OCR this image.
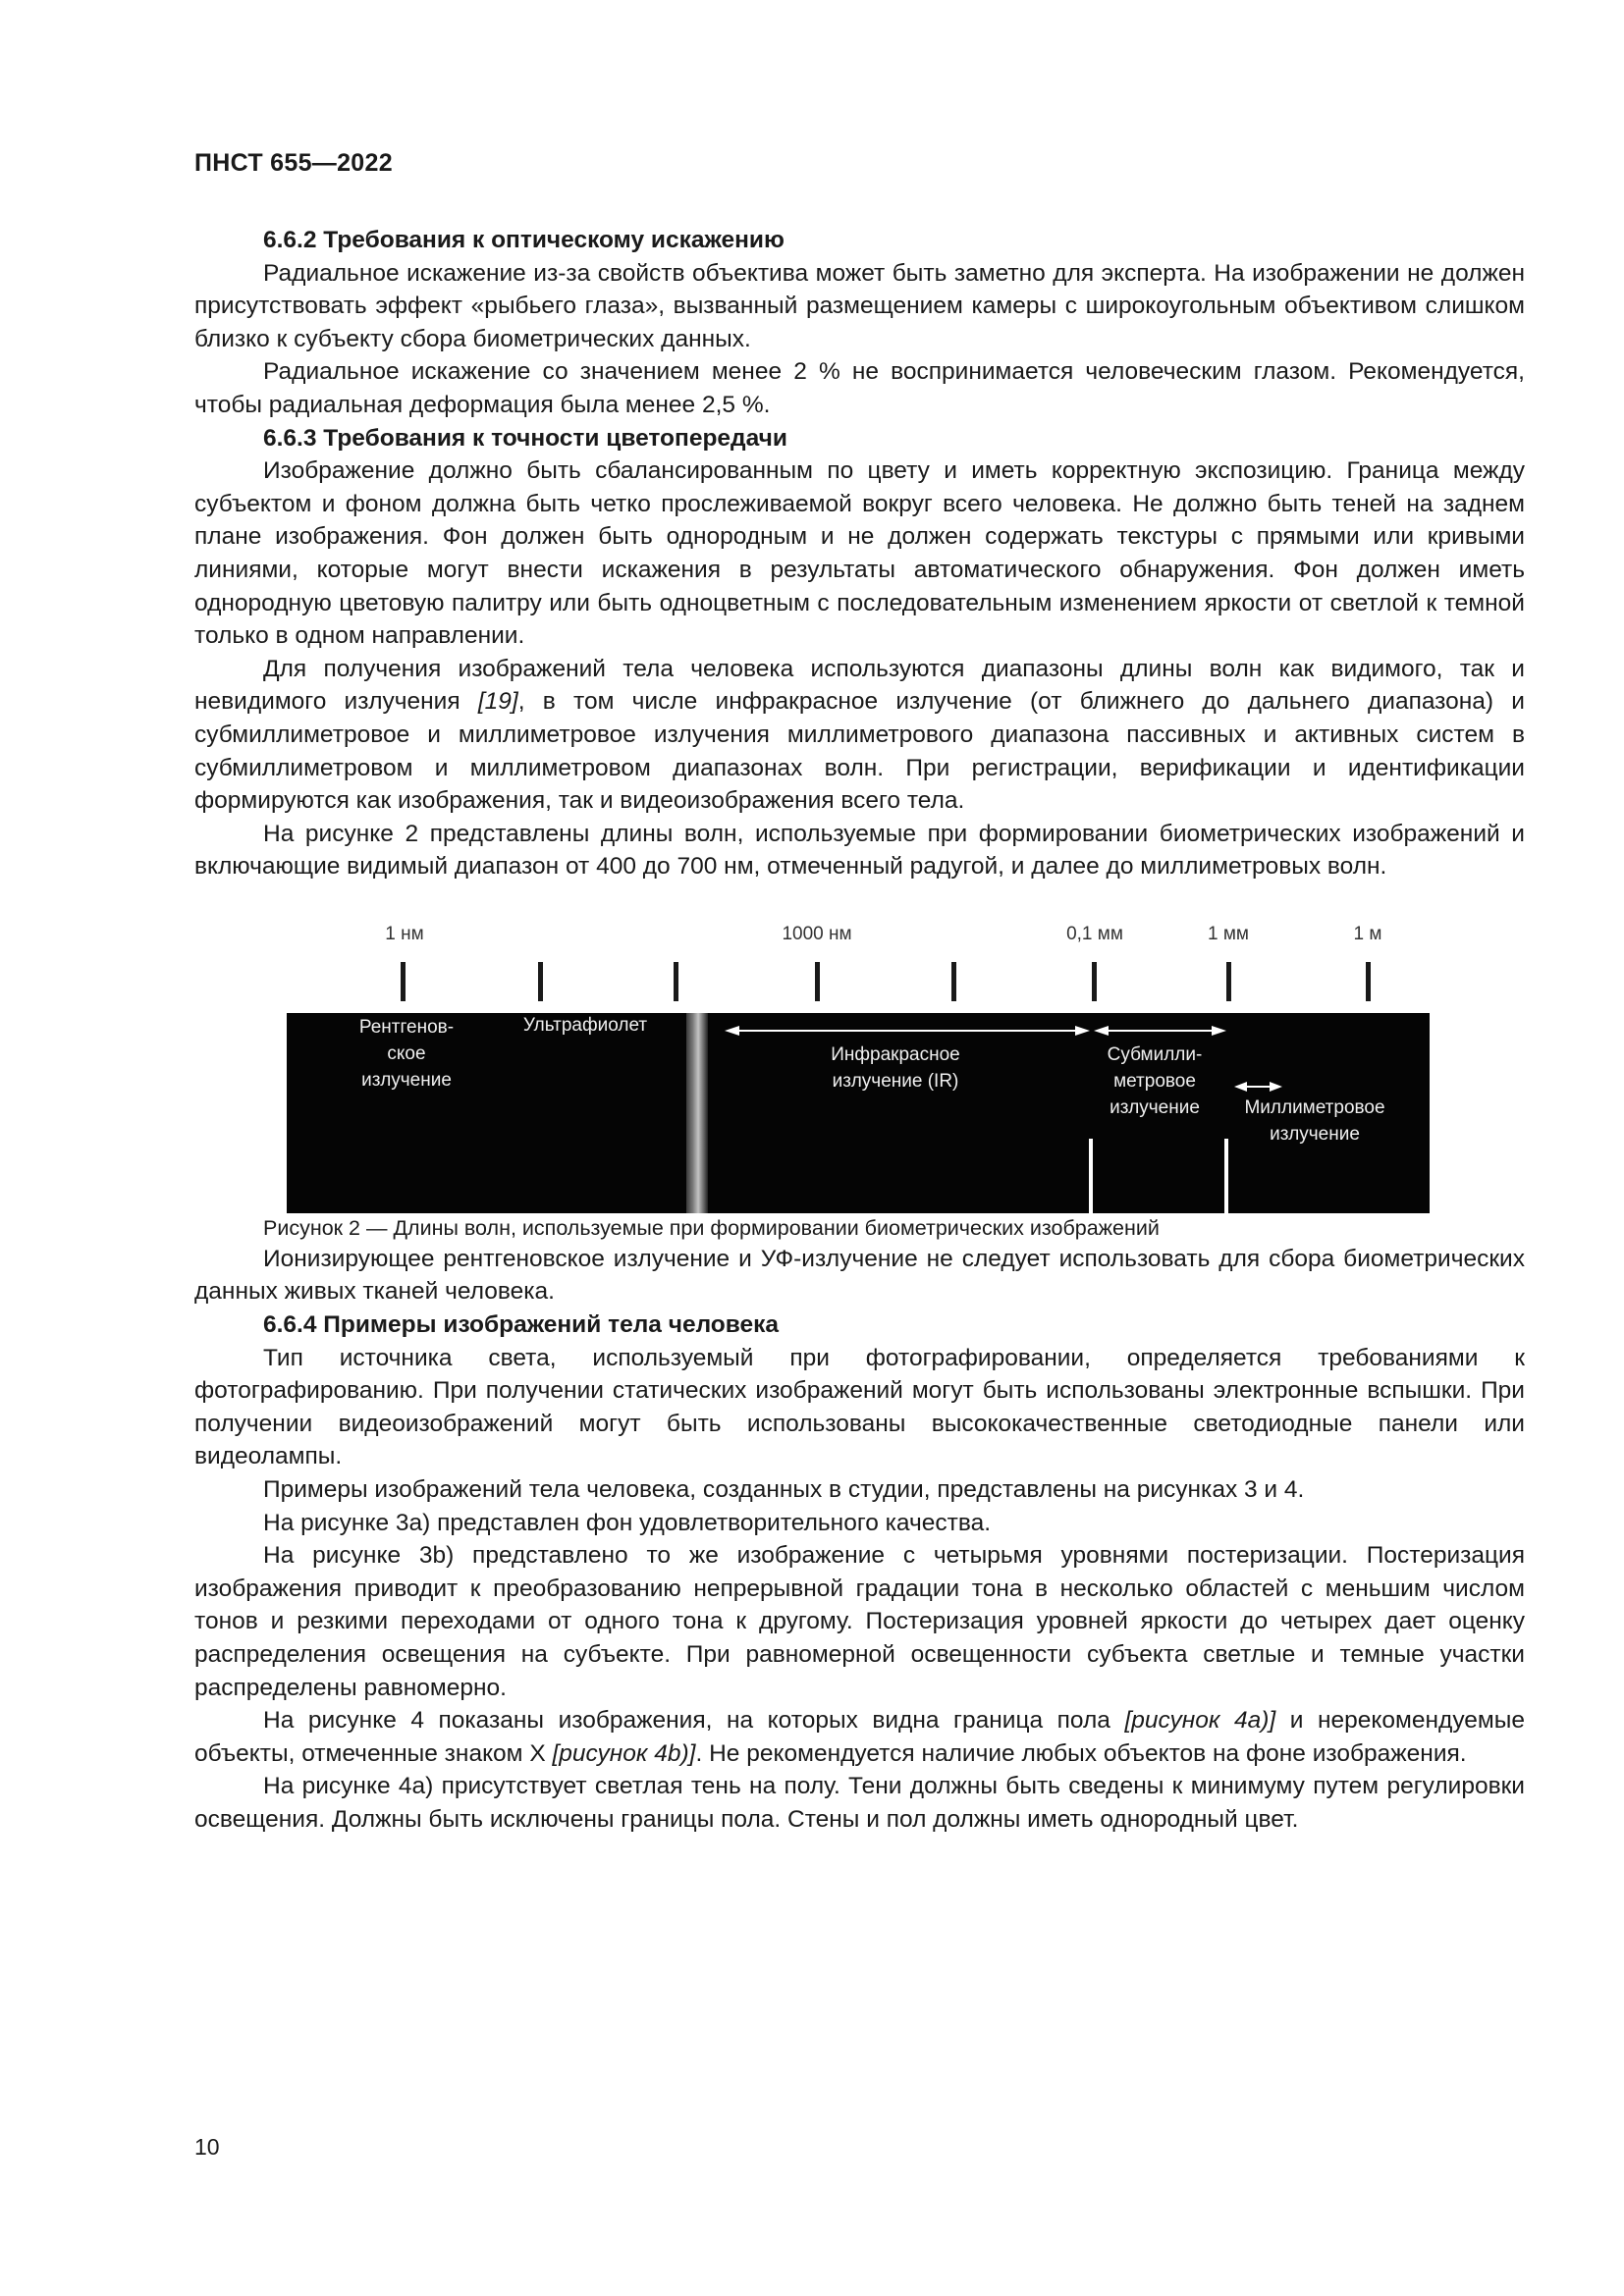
ПНСТ 655—2022
6.6.2 Требования к оптическому искажению

Радиальное искажение из-за свойств объектива может быть заметно для эксперта. На изображении не должен присутствовать эффект «рыбьего глаза», вызванный размещением камеры с широкоугольным объективом слишком близко к субъекту сбора биометрических данных.

Радиальное искажение со значением менее 2 % не воспринимается человеческим глазом. Рекомендуется, чтобы радиальная деформация была менее 2,5 %.

6.6.3 Требования к точности цветопередачи

Изображение должно быть сбалансированным по цвету и иметь корректную экспозицию. Граница между субъектом и фоном должна быть четко прослеживаемой вокруг всего человека. Не должно быть теней на заднем плане изображения. Фон должен быть однородным и не должен содержать текстуры с прямыми или кривыми линиями, которые могут внести искажения в результаты автоматического обнаружения. Фон должен иметь однородную цветовую палитру или быть одноцветным с последовательным изменением яркости от светлой к темной только в одном направлении.

Для получения изображений тела человека используются диапазоны длины волн как видимого, так и невидимого излучения [19], в том числе инфракрасное излучение (от ближнего до дальнего диапазона) и субмиллиметровое и миллиметровое излучения миллиметрового диапазона пассивных и активных систем в субмиллиметровом и миллиметровом диапазонах волн. При регистрации, верификации и идентификации формируются как изображения, так и видеоизображения всего тела.

На рисунке 2 представлены длины волн, используемые при формировании биометрических изображений и включающие видимый диапазон от 400 до 700 нм, отмеченный радугой, и далее до миллиметровых волн.

1 нм	1000 нм	0,1 мм	1 мм	1 м
Рентгенов-
ское
излучение
Ультрафиолет
Инфракрасное
излучение (IR)
Субмилли-
метровое
излучение Миллиметровое
излучение

Рисунок 2 — Длины волн, используемые при формировании биометрических изображений

Ионизирующее рентгеновское излучение и УФ-излучение не следует использовать для сбора биометрических данных живых тканей человека.

6.6.4 Примеры изображений тела человека

Тип источника света, используемый при фотографировании, определяется требованиями к фотографированию. При получении статических изображений могут быть использованы электронные вспышки. При получении видеоизображений могут быть использованы высококачественные светодиодные панели или видеолампы.

Примеры изображений тела человека, созданных в студии, представлены на рисунках 3 и 4.

На рисунке 3а) представлен фон удовлетворительного качества.

На рисунке 3b) представлено то же изображение с четырьмя уровнями постеризации. Постеризация изображения приводит к преобразованию непрерывной градации тона в несколько областей с меньшим числом тонов и резкими переходами от одного тона к другому. Постеризация уровней яркости до четырех дает оценку распределения освещения на субъекте. При равномерной освещенности субъекта светлые и темные участки распределены равномерно.

На рисунке 4 показаны изображения, на которых видна граница пола [рисунок 4а)] и нерекомендуемые объекты, отмеченные знаком X [рисунок 4b)]. Не рекомендуется наличие любых объектов на фоне изображения.

На рисунке 4а) присутствует светлая тень на полу. Тени должны быть сведены к минимуму путем регулировки освещения. Должны быть исключены границы пола. Стены и пол должны иметь однородный цвет.

10
